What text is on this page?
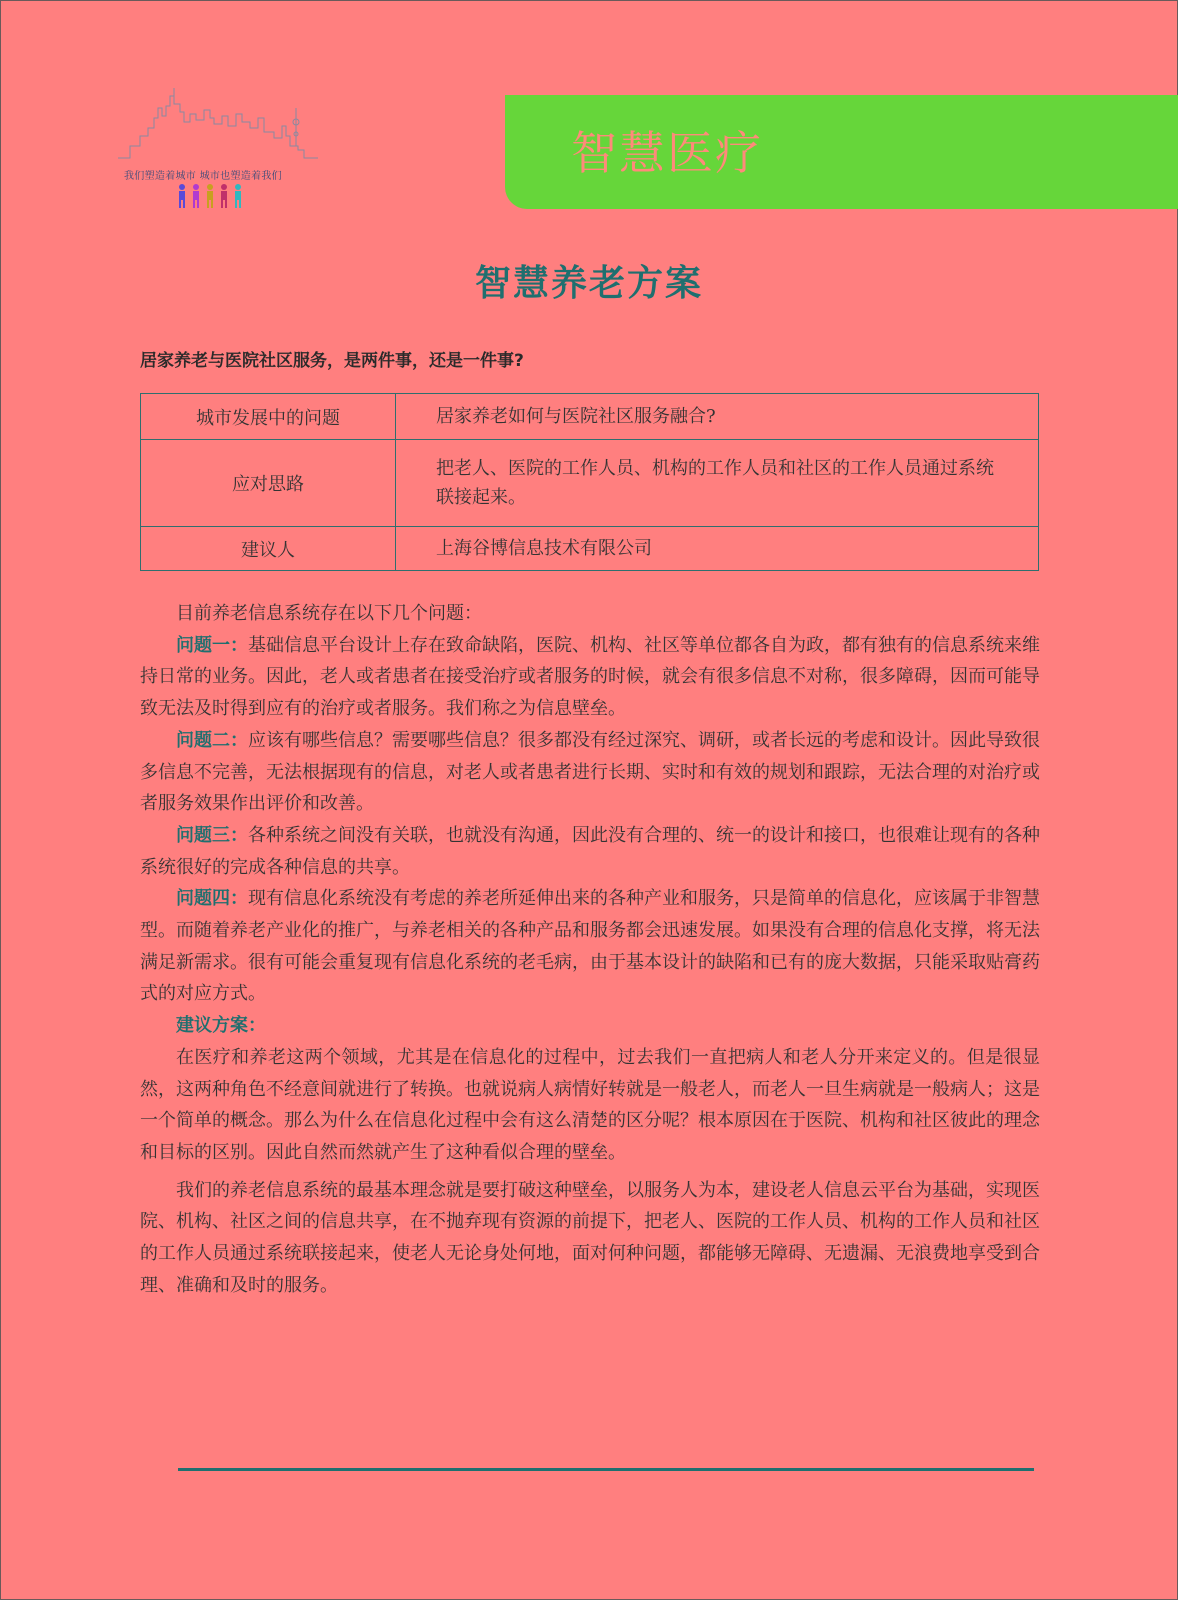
我们塑造着城市 城市也塑造着我们	智慧医疗
智慧养老方案
居家养老与医院社区服务，是两件事，还是一件事?
城市发展中的问题	居家养老如何与医院社区服务融合?
应对思路	把老人、医院的工作人员、机构的工作人员和社区的工作人员通过系统联接起来。
建议人	上海谷博信息技术有限公司

目前养老信息系统存在以下几个问题：

问题一：基础信息平台设计上存在致命缺陷，医院、机构、社区等单位都各自为政，都有独有的信息系统来维持日常的业务。因此，老人或者患者在接受治疗或者服务的时候，就会有很多信息不对称，很多障碍，因而可能导致无法及时得到应有的治疗或者服务。我们称之为信息壁垒。

问题二：应该有哪些信息？需要哪些信息？很多都没有经过深究、调研，或者长远的考虑和设计。因此导致很多信息不完善，无法根据现有的信息，对老人或者患者进行长期、实时和有效的规划和跟踪，无法合理的对治疗或者服务效果作出评价和改善。

问题三：各种系统之间没有关联，也就没有沟通，因此没有合理的、统一的设计和接口，也很难让现有的各种系统很好的完成各种信息的共享。

问题四：现有信息化系统没有考虑的养老所延伸出来的各种产业和服务，只是简单的信息化，应该属于非智慧型。而随着养老产业化的推广，与养老相关的各种产品和服务都会迅速发展。如果没有合理的信息化支撑，将无法满足新需求。很有可能会重复现有信息化系统的老毛病，由于基本设计的缺陷和已有的庞大数据，只能采取贴膏药式的对应方式。

建议方案：

在医疗和养老这两个领域，尤其是在信息化的过程中，过去我们一直把病人和老人分开来定义的。但是很显然，这两种角色不经意间就进行了转换。也就说病人病情好转就是一般老人，而老人一旦生病就是一般病人；这是一个简单的概念。那么为什么在信息化过程中会有这么清楚的区分呢？根本原因在于医院、机构和社区彼此的理念和目标的区别。因此自然而然就产生了这种看似合理的壁垒。

我们的养老信息系统的最基本理念就是要打破这种壁垒，以服务人为本，建设老人信息云平台为基础，实现医院、机构、社区之间的信息共享，在不抛弃现有资源的前提下，把老人、医院的工作人员、机构的工作人员和社区的工作人员通过系统联接起来，使老人无论身处何地，面对何种问题，都能够无障碍、无遗漏、无浪费地享受到合理、准确和及时的服务。
